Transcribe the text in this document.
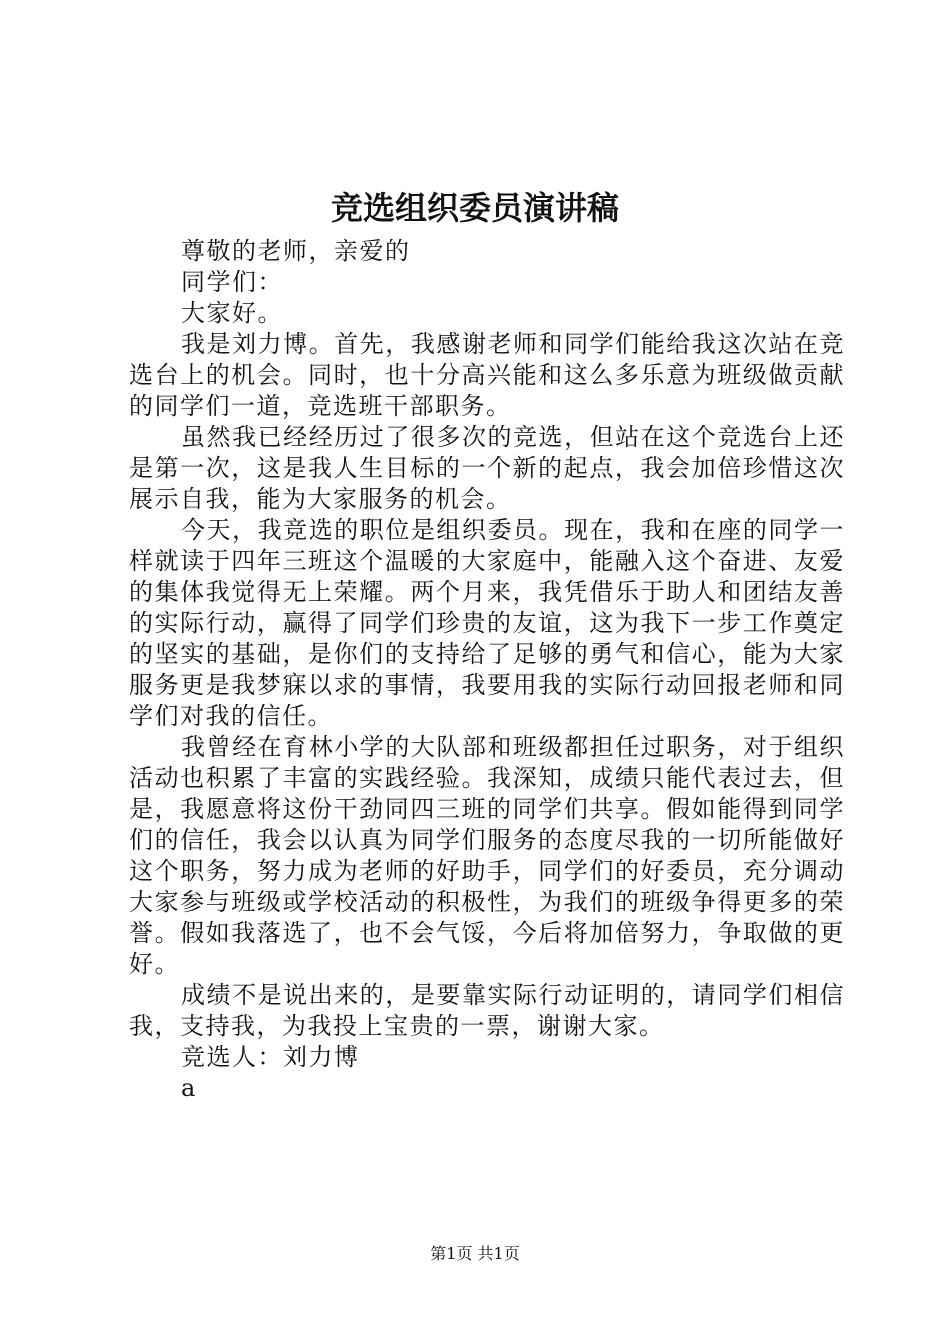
竞选组织委员演讲稿

尊敬的老师，亲爱的

同学们：

大家好。

我是刘力博。首先，我感谢老师和同学们能给我这次站在竞选台上的机会。同时，也十分高兴能和这么多乐意为班级做贡献的同学们一道，竞选班干部职务。

虽然我已经经历过了很多次的竞选，但站在这个竞选台上还是第一次，这是我人生目标的一个新的起点，我会加倍珍惜这次展示自我，能为大家服务的机会。

今天，我竞选的职位是组织委员。现在，我和在座的同学一样就读于四年三班这个温暖的大家庭中，能融入这个奋进、友爱的集体我觉得无上荣耀。两个月来，我凭借乐于助人和团结友善的实际行动，赢得了同学们珍贵的友谊，这为我下一步工作奠定的坚实的基础，是你们的支持给了足够的勇气和信心，能为大家服务更是我梦寐以求的事情，我要用我的实际行动回报老师和同学们对我的信任。

我曾经在育林小学的大队部和班级都担任过职务，对于组织活动也积累了丰富的实践经验。我深知，成绩只能代表过去，但是，我愿意将这份干劲同四三班的同学们共享。假如能得到同学们的信任，我会以认真为同学们服务的态度尽我的一切所能做好这个职务，努力成为老师的好助手，同学们的好委员，充分调动大家参与班级或学校活动的积极性，为我们的班级争得更多的荣誉。假如我落选了，也不会气馁，今后将加倍努力，争取做的更好。

成绩不是说出来的，是要靠实际行动证明的，请同学们相信我，支持我，为我投上宝贵的一票，谢谢大家。

竞选人：刘力博

a

第1页 共1页
